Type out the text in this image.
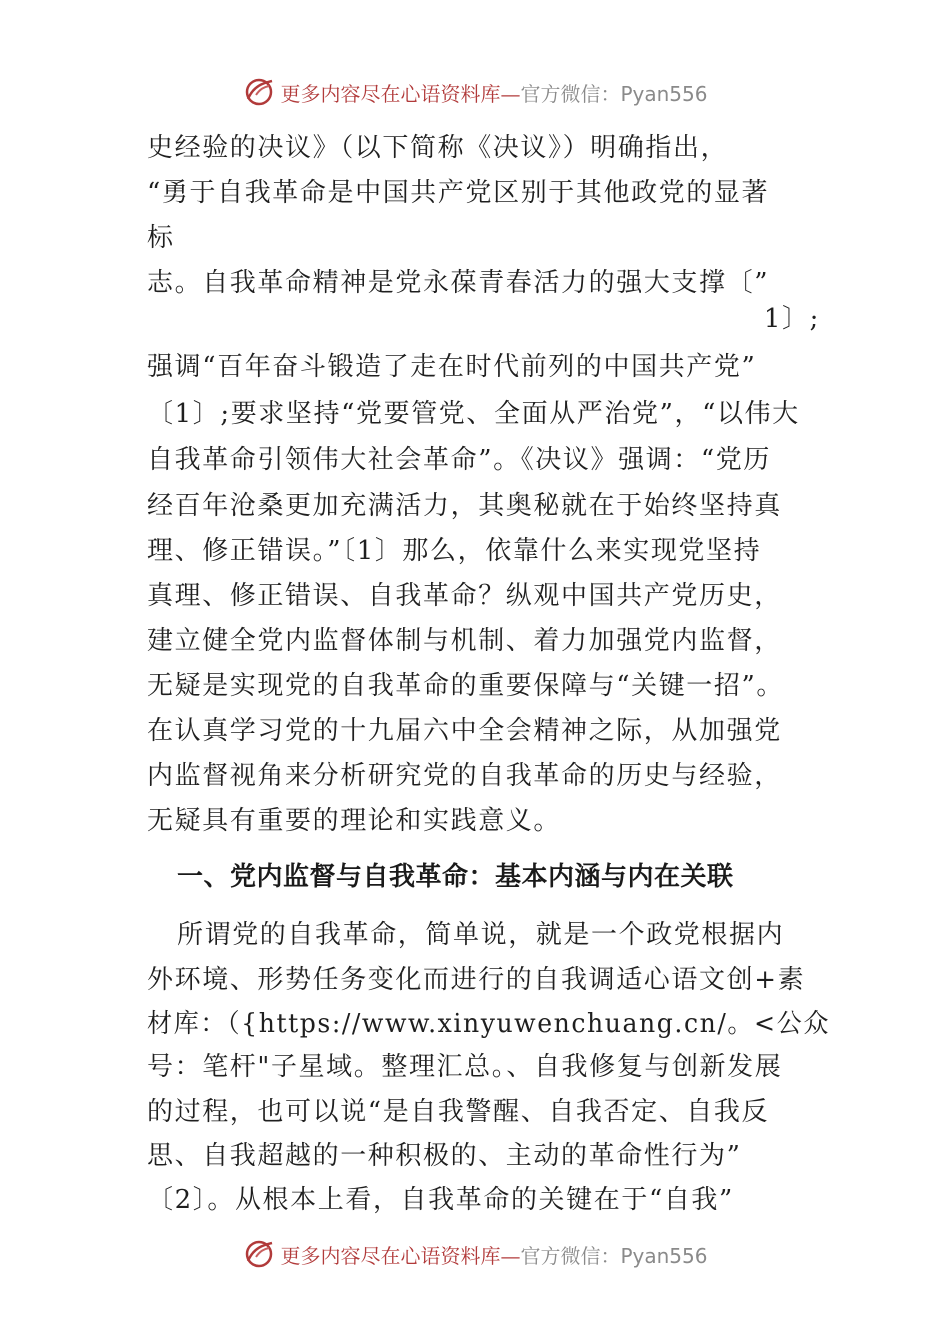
更多内容尽在心语资料库—官方微信：Pyan556
史经验的决议》（以下简称《决议》）明确指出，
“勇于自我革命是中国共产党区别于其他政党的显著
标
志。自我革命精神是党永葆青春活力的强大支撑〔”
1〕;
强调“百年奋斗锻造了走在时代前列的中国共产党”
〔1〕;要求坚持“党要管党、全面从严治党”，“以伟大
自我革命引领伟大社会革命”。《决议》强调：“党历
经百年沧桑更加充满活力，其奥秘就在于始终坚持真
理、修正错误。”〔1〕那么，依靠什么来实现党坚持
真理、修正错误、自我革命？纵观中国共产党历史，
建立健全党内监督体制与机制、着力加强党内监督，
无疑是实现党的自我革命的重要保障与“关键一招”。
在认真学习党的十九届六中全会精神之际，从加强党
内监督视角来分析研究党的自我革命的历史与经验，
无疑具有重要的理论和实践意义。
一、党内监督与自我革命：基本内涵与内在关联
所谓党的自我革命，简单说，就是一个政党根据内
外环境、形势任务变化而进行的自我调适心语文创+素
材库：（{https://www.xinyuwenchuang.cn/。<公众
号：笔杆"子星域。整理汇总。、自我修复与创新发展
的过程，也可以说“是自我警醒、自我否定、自我反
思、自我超越的一种积极的、主动的革命性行为”
〔2〕。从根本上看，自我革命的关键在于“自我”
更多内容尽在心语资料库—官方微信：Pyan556
